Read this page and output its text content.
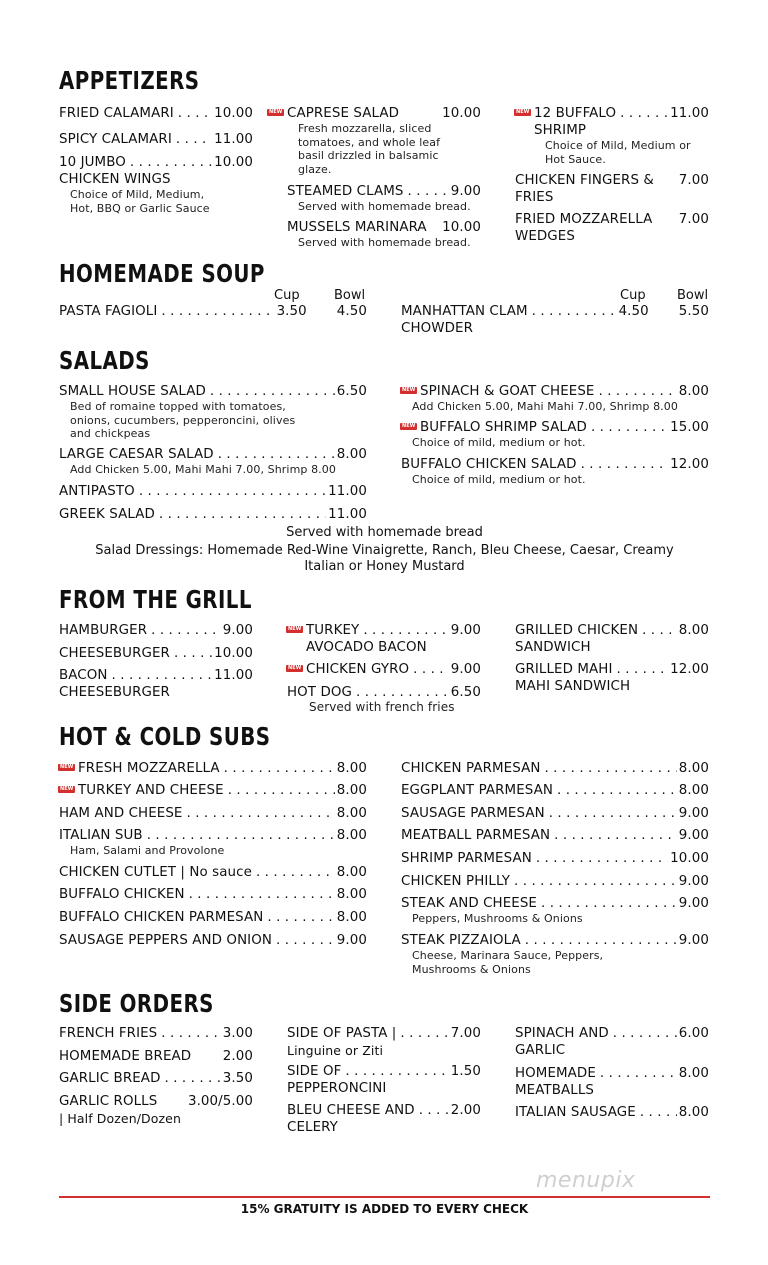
APPETIZERS
FRIED CALAMARI . . .	10.00
SPICY CALAMARI . . .	11.00
10 JUMBO . . .	10.00
CHICKEN WINGS
Choice of Mild, Medium, Hot, BBQ or Garlic Sauce
NEW CAPRESE SALAD	10.00
Fresh mozzarella, sliced tomatoes, and whole leaf basil drizzled in balsamic glaze.
STEAMED CLAMS . . .	9.00
Served with homemade bread.
MUSSELS MARINARA 10.00
Served with homemade bread.
NEW 12 BUFFALO . . .	11.00
SHRIMP
Choice of Mild, Medium or Hot Sauce.
CHICKEN FINGERS & 7.00
FRIES
FRIED MOZZARELLA 7.00
WEDGES
HOMEMADE SOUP
Cup	Bowl	Cup Bowl
PASTA FAGIOLI . . .	3.50 4.50	MANHATTAN CLAM . . .	4.50 5.50
CHOWDER
SALADS
SMALL HOUSE SALAD . . .	6.50
Bed of romaine topped with tomatoes, onions, cucumbers, pepperoncini, olives and chickpeas
LARGE CAESAR SALAD . . .	8.00
Add Chicken 5.00, Mahi Mahi 7.00, Shrimp 8.00
ANTIPASTO . . .	11.00
GREEK SALAD . . .	11.00
NEW SPINACH & GOAT CHEESE . . .	8.00
Add Chicken 5.00, Mahi Mahi 7.00, Shrimp 8.00
NEW BUFFALO SHRIMP SALAD . . .	15.00
Choice of mild, medium or hot.
BUFFALO CHICKEN SALAD . . .	12.00
Choice of mild, medium or hot.
Served with homemade bread
Salad Dressings: Homemade Red-Wine Vinaigrette, Ranch, Bleu Cheese, Caesar, Creamy Italian or Honey Mustard
FROM THE GRILL
HAMBURGER . . .	9.00
CHEESEBURGER . . .	10.00
BACON . . .	11.00
CHEESEBURGER
NEW TURKEY . . .	9.00
AVOCADO BACON
NEW CHICKEN GYRO . . .	9.00
HOT DOG . . .	6.50
Served with french fries
GRILLED CHICKEN . . .	8.00
SANDWICH
GRILLED MAHI . . .	12.00
MAHI SANDWICH
HOT & COLD SUBS
NEW FRESH MOZZARELLA . . .	8.00
NEW TURKEY AND CHEESE . . .	8.00
HAM AND CHEESE . . .	8.00
ITALIAN SUB . . .	8.00
Ham, Salami and Provolone
CHICKEN CUTLET | No sauce . . .	8.00
BUFFALO CHICKEN . . .	8.00
BUFFALO CHICKEN PARMESAN . . .	8.00
SAUSAGE PEPPERS AND ONION . . .	9.00
CHICKEN PARMESAN . . .	8.00
EGGPLANT PARMESAN . . .	8.00
SAUSAGE PARMESAN . . .	9.00
MEATBALL PARMESAN . . .	9.00
SHRIMP PARMESAN . . .	10.00
CHICKEN PHILLY . . .	9.00
STEAK AND CHEESE . . .	9.00
Peppers, Mushrooms & Onions
STEAK PIZZAIOLA . . .	9.00
Cheese, Marinara Sauce, Peppers, Mushrooms & Onions
SIDE ORDERS
FRENCH FRIES . . .	3.00
HOMEMADE BREAD 2.00
GARLIC BREAD . . .	3.50
GARLIC ROLLS 3.00/5.00
| Half Dozen/Dozen
SIDE OF PASTA | . . .	7.00
Linguine or Ziti
SIDE OF . . .	1.50
PEPPERONCINI
BLEU CHEESE AND . . .	2.00
CELERY
SPINACH AND . . .	6.00
GARLIC
HOMEMADE . . .	8.00
MEATBALLS
ITALIAN SAUSAGE . . .	8.00
menupix
15% GRATUITY IS ADDED TO EVERY CHECK
